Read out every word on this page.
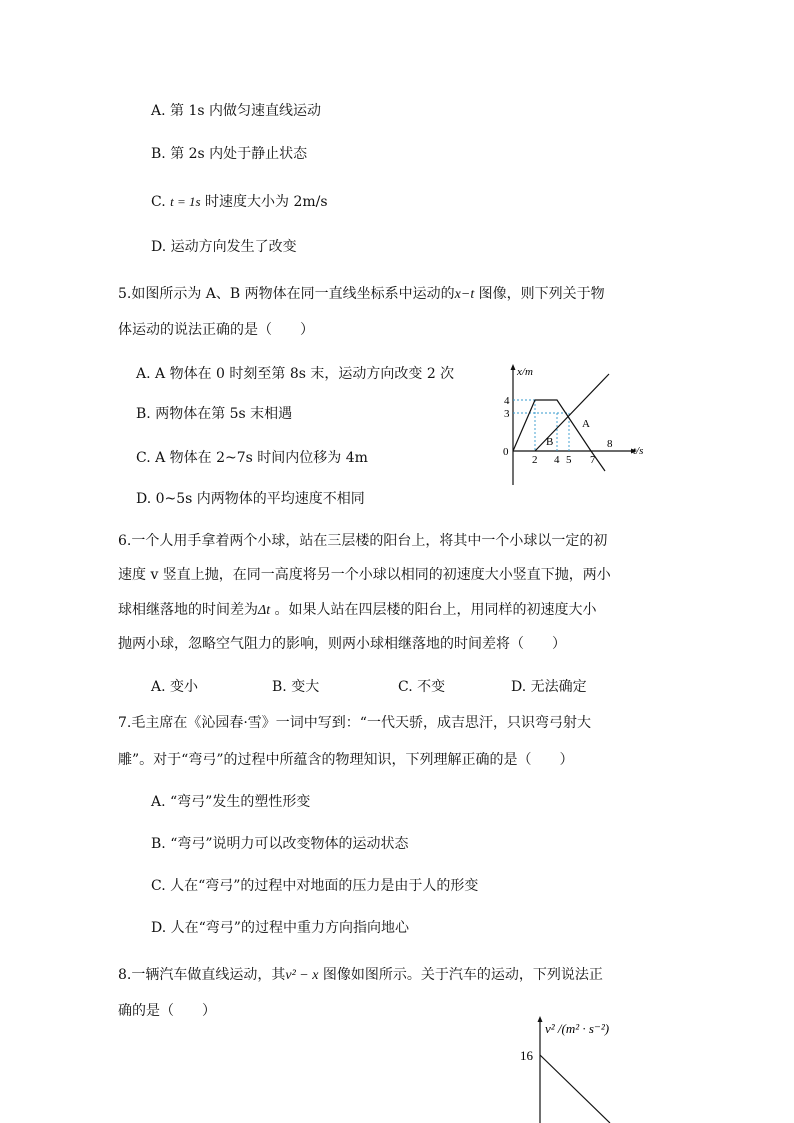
A. 第 1s 内做匀速直线运动
B. 第 2s 内处于静止状态
C. t = 1s 时速度大小为 2m/s
D. 运动方向发生了改变
5.如图所示为 A、B 两物体在同一直线坐标系中运动的x−t 图像，则下列关于物
体运动的说法正确的是（　　）
A. A 物体在 0 时刻至第 8s 末，运动方向改变 2 次
B. 两物体在第 5s 末相遇
C. A 物体在 2~7s 时间内位移为 4m
D. 0~5s 内两物体的平均速度不相同
x/m
t/s
0
4
3
2 4 5 7
8
A
B
6.一个人用手拿着两个小球，站在三层楼的阳台上，将其中一个小球以一定的初
速度 v 竖直上抛，在同一高度将另一个小球以相同的初速度大小竖直下抛，两小
球相继落地的时间差为Δt 。如果人站在四层楼的阳台上，用同样的初速度大小
抛两小球，忽略空气阻力的影响，则两小球相继落地的时间差将（　　）
A. 变小	B. 变大	C. 不变	D. 无法确定
7.毛主席在《沁园春·雪》一词中写到：“一代天骄，成吉思汗，只识弯弓射大
雕”。对于“弯弓”的过程中所蕴含的物理知识，下列理解正确的是（　　）
A. “弯弓”发生的塑性形变
B. “弯弓”说明力可以改变物体的运动状态
C. 人在“弯弓”的过程中对地面的压力是由于人的形变
D. 人在“弯弓”的过程中重力方向指向地心
8.一辆汽车做直线运动，其v² − x 图像如图所示。关于汽车的运动，下列说法正
确的是（　　）
v² /(m² · s⁻²)
16
